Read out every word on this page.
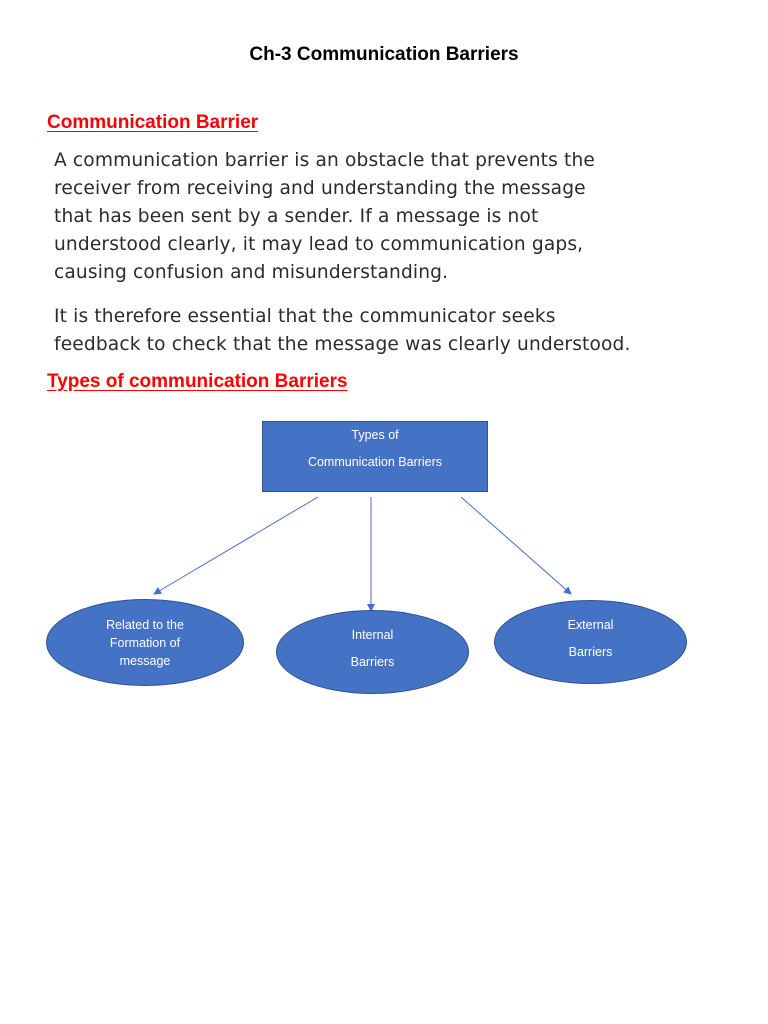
Ch-3 Communication Barriers
Communication Barrier

A communication barrier is an obstacle that prevents the
receiver from receiving and understanding the message
that has been sent by a sender. If a message is not
understood clearly, it may lead to communication gaps,
causing confusion and misunderstanding.

It is therefore essential that the communicator seeks
feedback to check that the message was clearly understood.

Types of communication Barriers
Types of
Communication Barriers
Related to the
Formation of
message
Internal
Barriers
External
Barriers
